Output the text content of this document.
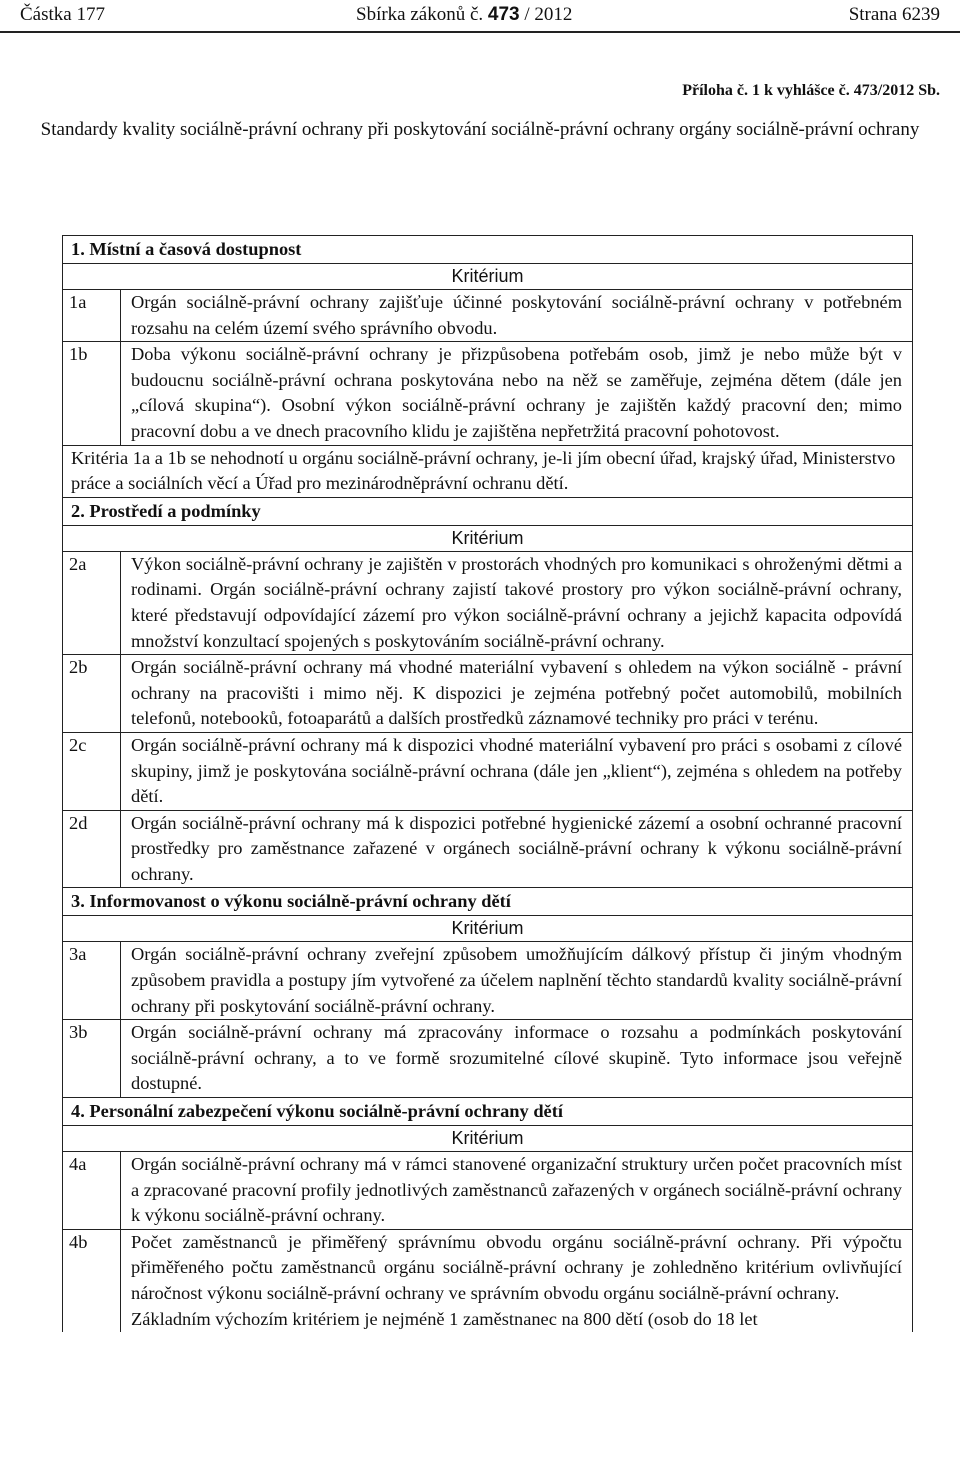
Částka 177	Sbírka zákonů č. 473 / 2012	Strana 6239
Příloha č. 1 k vyhlášce č. 473/2012 Sb.
Standardy kvality sociálně-právní ochrany při poskytování sociálně-právní ochrany orgány sociálně-právní ochrany
1. Místní a časová dostupnost
Kritérium
1a	Orgán sociálně-právní ochrany zajišťuje účinné poskytování sociálně-právní ochrany v potřebném rozsahu na celém území svého správního obvodu.
1b	Doba výkonu sociálně-právní ochrany je přizpůsobena potřebám osob, jimž je nebo může být v budoucnu sociálně-právní ochrana poskytována nebo na něž se zaměřuje, zejména dětem (dále jen „cílová skupina“). Osobní výkon sociálně-právní ochrany je zajištěn každý pracovní den; mimo pracovní dobu a ve dnech pracovního klidu je zajištěna nepřetržitá pracovní pohotovost.
Kritéria 1a a 1b se nehodnotí u orgánu sociálně-právní ochrany, je-li jím obecní úřad, krajský úřad, Ministerstvo práce a sociálních věcí a Úřad pro mezinárodněprávní ochranu dětí.
2. Prostředí a podmínky
Kritérium
2a	Výkon sociálně-právní ochrany je zajištěn v prostorách vhodných pro komunikaci s ohroženými dětmi a rodinami. Orgán sociálně-právní ochrany zajistí takové prostory pro výkon sociálně-právní ochrany, které představují odpovídající zázemí pro výkon sociálně-právní ochrany a jejichž kapacita odpovídá množství konzultací spojených s poskytováním sociálně-právní ochrany.
2b	Orgán sociálně-právní ochrany má vhodné materiální vybavení s ohledem na výkon sociálně - právní ochrany na pracovišti i mimo něj. K dispozici je zejména potřebný počet automobilů, mobilních telefonů, notebooků, fotoaparátů a dalších prostředků záznamové techniky pro práci v terénu.
2c	Orgán sociálně-právní ochrany má k dispozici vhodné materiální vybavení pro práci s osobami z cílové skupiny, jimž je poskytována sociálně-právní ochrana (dále jen „klient“), zejména s ohledem na potřeby dětí.
2d	Orgán sociálně-právní ochrany má k dispozici potřebné hygienické zázemí a osobní ochranné pracovní prostředky pro zaměstnance zařazené v orgánech sociálně-právní ochrany k výkonu sociálně-právní ochrany.
3. Informovanost o výkonu sociálně-právní ochrany dětí
Kritérium
3a	Orgán sociálně-právní ochrany zveřejní způsobem umožňujícím dálkový přístup či jiným vhodným způsobem pravidla a postupy jím vytvořené za účelem naplnění těchto standardů kvality sociálně-právní ochrany při poskytování sociálně-právní ochrany.
3b	Orgán sociálně-právní ochrany má zpracovány informace o rozsahu a podmínkách poskytování sociálně-právní ochrany, a to ve formě srozumitelné cílové skupině. Tyto informace jsou veřejně dostupné.
4. Personální zabezpečení výkonu sociálně-právní ochrany dětí
Kritérium
4a	Orgán sociálně-právní ochrany má v rámci stanovené organizační struktury určen počet pracovních míst a zpracované pracovní profily jednotlivých zaměstnanců zařazených v orgánech sociálně-právní ochrany k výkonu sociálně-právní ochrany.
4b	Počet zaměstnanců je přiměřený správnímu obvodu orgánu sociálně-právní ochrany. Při výpočtu přiměřeného počtu zaměstnanců orgánu sociálně-právní ochrany je zohledněno kritérium ovlivňující náročnost výkonu sociálně-právní ochrany ve správním obvodu orgánu sociálně-právní ochrany.
Základním výchozím kritériem je nejméně 1 zaměstnanec na 800 dětí (osob do 18 let
